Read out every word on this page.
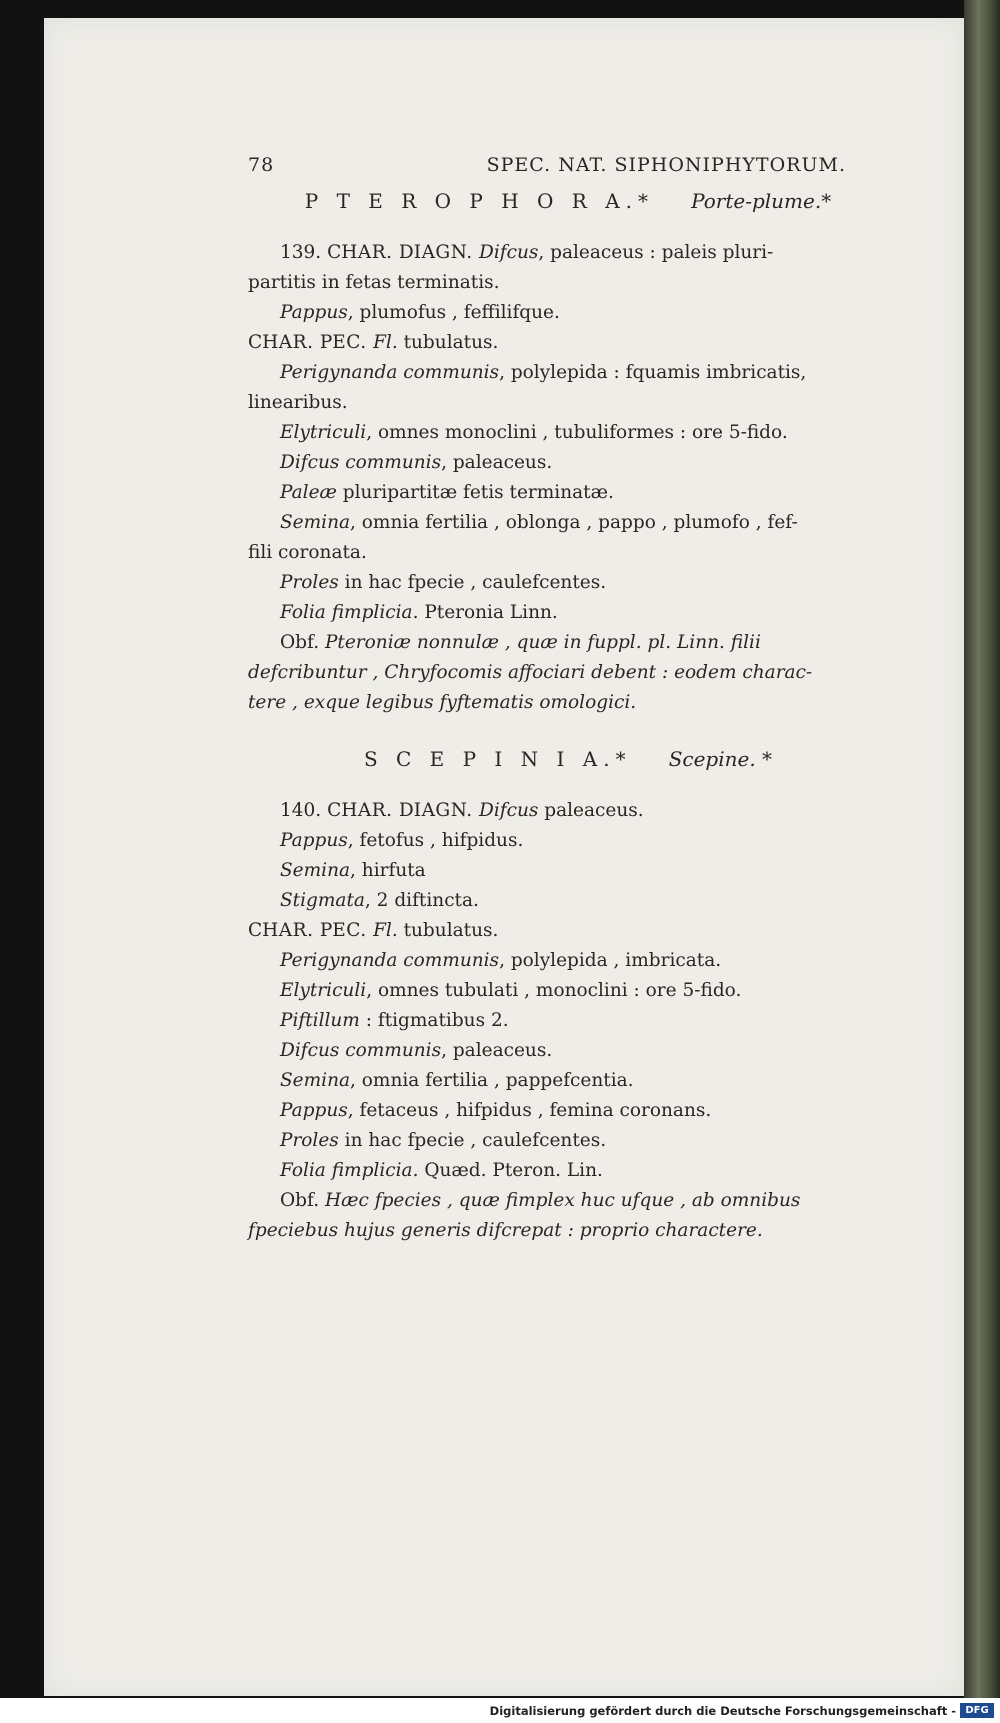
78	SPEC. NAT. SIPHONIPHYTORUM.
P T E R O P H O R A.* Porte-plume.*
139. CHAR. DIAGN. Difcus, paleaceus : paleis pluri-
partitis in fetas terminatis.
Pappus, plumofus , feffilifque.
CHAR. PEC. Fl. tubulatus.
Perigynanda communis, polylepida : fquamis imbricatis,
linearibus.
Elytriculi, omnes monoclini , tubuliformes : ore 5-fido.
Difcus communis, paleaceus.
Paleæ pluripartitæ fetis terminatæ.
Semina, omnia fertilia , oblonga , pappo , plumofo , fef-
fili coronata.
Proles in hac fpecie , caulefcentes.
Folia fimplicia. Pteronia Linn.
Obf. Pteroniæ nonnulæ , quæ in fuppl. pl. Linn. filii
defcribuntur , Chryfocomis affociari debent : eodem charac-
tere , exque legibus fyftematis omologici.
S C E P I N I A.* Scepine. *
140. CHAR. DIAGN. Difcus paleaceus.
Pappus, fetofus , hifpidus.
Semina, hirfuta
Stigmata, 2 diftincta.
CHAR. PEC. Fl. tubulatus.
Perigynanda communis, polylepida , imbricata.
Elytriculi, omnes tubulati , monoclini : ore 5-fido.
Piftillum : ftigmatibus 2.
Difcus communis, paleaceus.
Semina, omnia fertilia , pappefcentia.
Pappus, fetaceus , hifpidus , femina coronans.
Proles in hac fpecie , caulefcentes.
Folia fimplicia. Quæd. Pteron. Lin.
Obf. Hæc fpecies , quæ fimplex huc ufque , ab omnibus
fpeciebus hujus generis difcrepat : proprio charactere.
Digitalisierung gefördert durch die Deutsche Forschungsgemeinschaft - DFG
